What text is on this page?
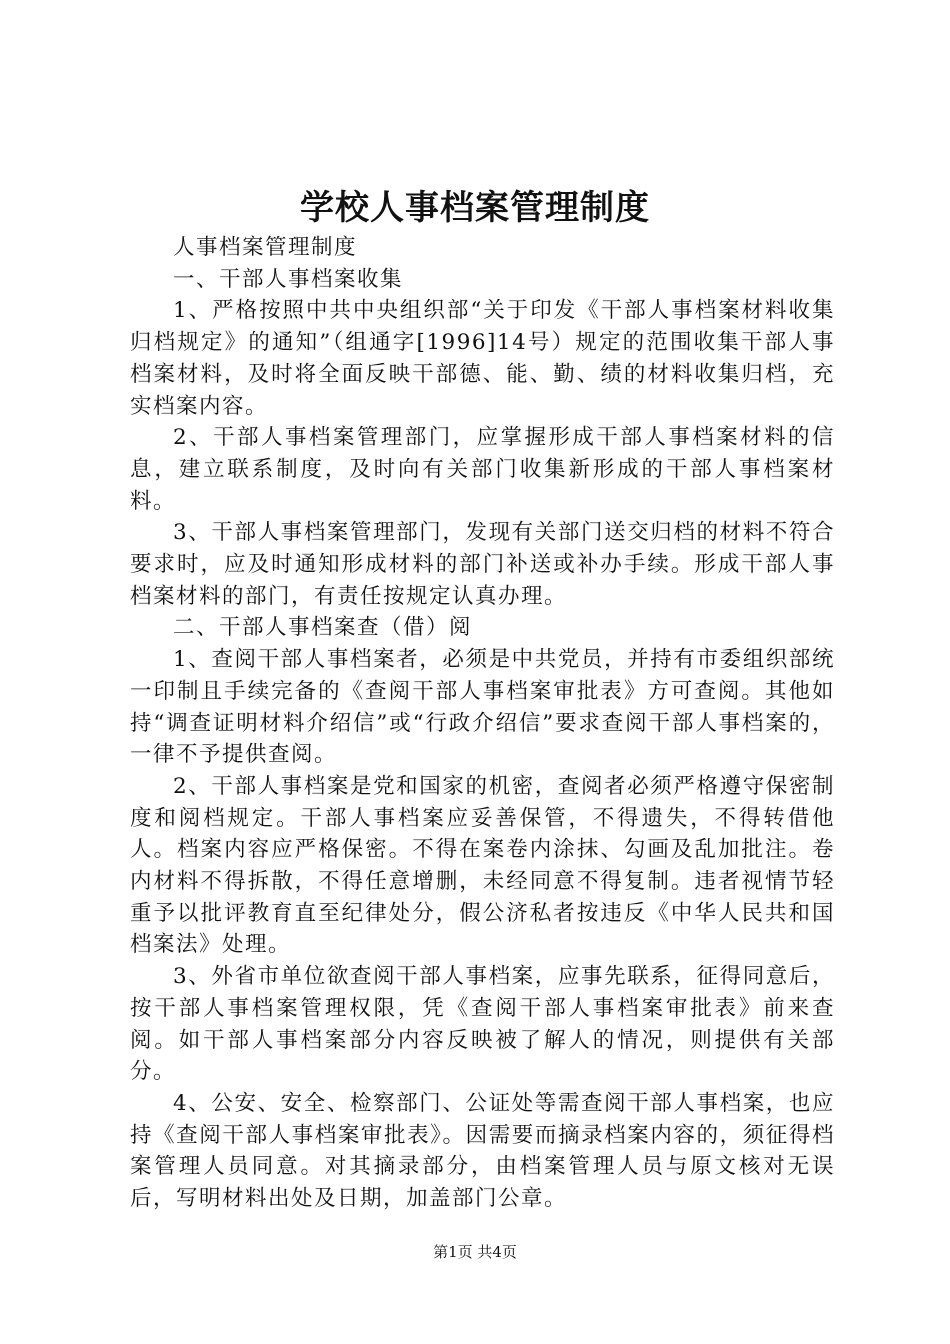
学校人事档案管理制度

人事档案管理制度

一、干部人事档案收集

1、严格按照中共中央组织部“关于印发《干部人事档案材料收集归档规定》的通知”（组通字[1996]14号）规定的范围收集干部人事档案材料，及时将全面反映干部德、能、勤、绩的材料收集归档，充实档案内容。

2、干部人事档案管理部门，应掌握形成干部人事档案材料的信息，建立联系制度，及时向有关部门收集新形成的干部人事档案材料。

3、干部人事档案管理部门，发现有关部门送交归档的材料不符合要求时，应及时通知形成材料的部门补送或补办手续。形成干部人事档案材料的部门，有责任按规定认真办理。

二、干部人事档案查（借）阅

1、查阅干部人事档案者，必须是中共党员，并持有市委组织部统一印制且手续完备的《查阅干部人事档案审批表》方可查阅。其他如持“调查证明材料介绍信”或“行政介绍信”要求查阅干部人事档案的，一律不予提供查阅。

2、干部人事档案是党和国家的机密，查阅者必须严格遵守保密制度和阅档规定。干部人事档案应妥善保管，不得遗失，不得转借他人。档案内容应严格保密。不得在案卷内涂抹、勾画及乱加批注。卷内材料不得拆散，不得任意增删，未经同意不得复制。违者视情节轻重予以批评教育直至纪律处分，假公济私者按违反《中华人民共和国档案法》处理。

3、外省市单位欲查阅干部人事档案，应事先联系，征得同意后，按干部人事档案管理权限，凭《查阅干部人事档案审批表》前来查阅。如干部人事档案部分内容反映被了解人的情况，则提供有关部分。

4、公安、安全、检察部门、公证处等需查阅干部人事档案，也应持《查阅干部人事档案审批表》。因需要而摘录档案内容的，须征得档案管理人员同意。对其摘录部分，由档案管理人员与原文核对无误后，写明材料出处及日期，加盖部门公章。

第1页 共4页
